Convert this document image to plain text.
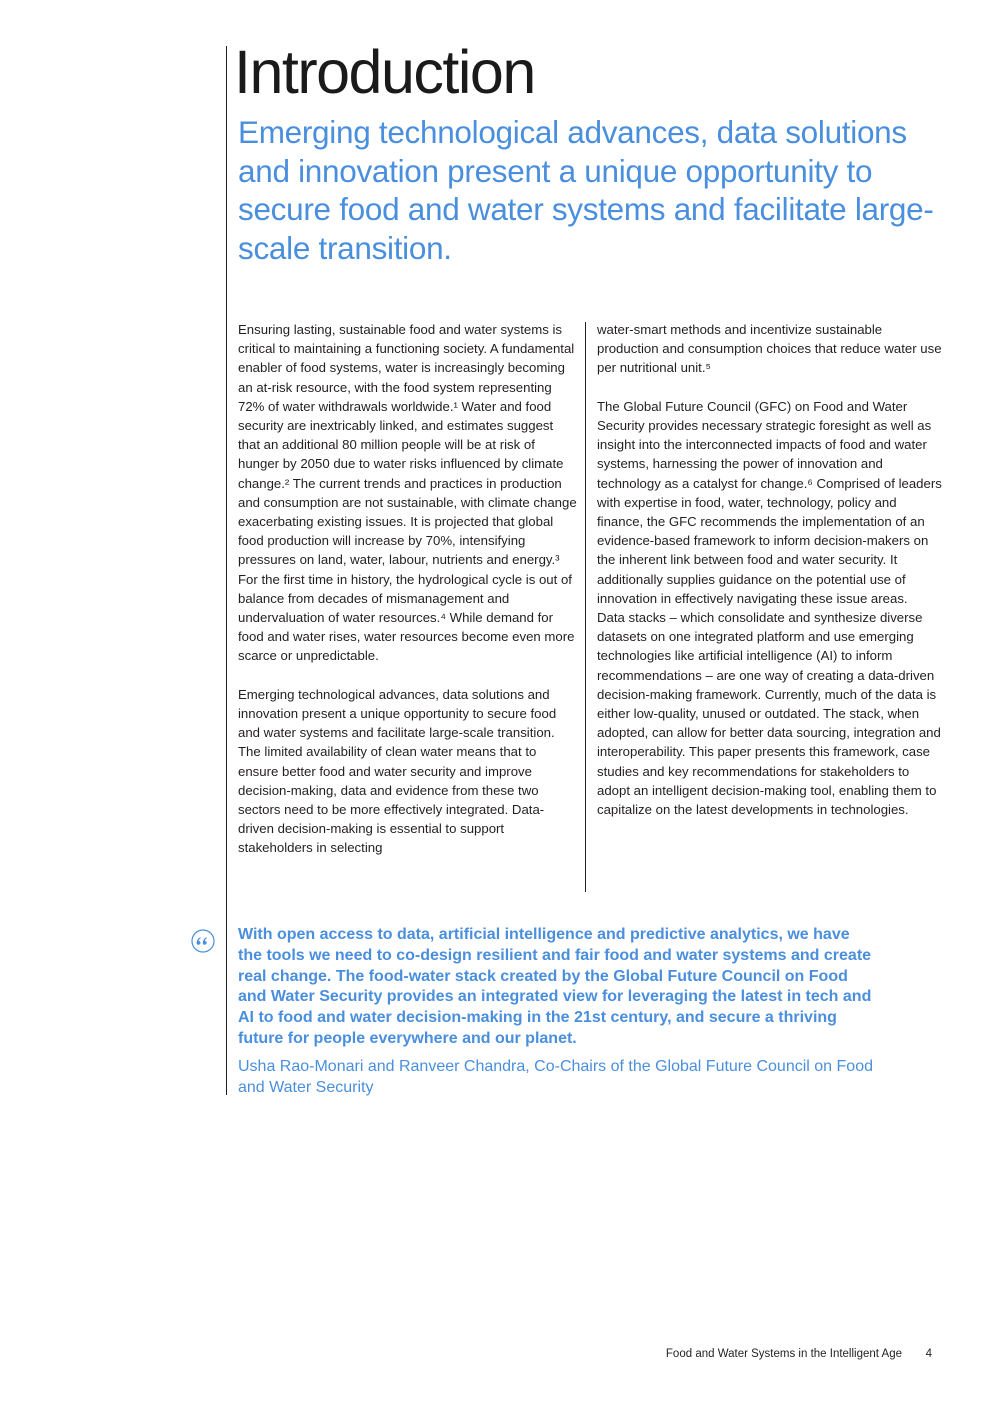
Introduction
Emerging technological advances, data solutions and innovation present a unique opportunity to secure food and water systems and facilitate large-scale transition.

Ensuring lasting, sustainable food and water systems is critical to maintaining a functioning society. A fundamental enabler of food systems, water is increasingly becoming an at-risk resource, with the food system representing 72% of water withdrawals worldwide.¹ Water and food security are inextricably linked, and estimates suggest that an additional 80 million people will be at risk of hunger by 2050 due to water risks influenced by climate change.² The current trends and practices in production and consumption are not sustainable, with climate change exacerbating existing issues. It is projected that global food production will increase by 70%, intensifying pressures on land, water, labour, nutrients and energy.³ For the first time in history, the hydrological cycle is out of balance from decades of mismanagement and undervaluation of water resources.⁴ While demand for food and water rises, water resources become even more scarce or unpredictable.

Emerging technological advances, data solutions and innovation present a unique opportunity to secure food and water systems and facilitate large-scale transition. The limited availability of clean water means that to ensure better food and water security and improve decision-making, data and evidence from these two sectors need to be more effectively integrated. Data-driven decision-making is essential to support stakeholders in selecting

water-smart methods and incentivize sustainable production and consumption choices that reduce water use per nutritional unit.⁵

The Global Future Council (GFC) on Food and Water Security provides necessary strategic foresight as well as insight into the interconnected impacts of food and water systems, harnessing the power of innovation and technology as a catalyst for change.⁶ Comprised of leaders with expertise in food, water, technology, policy and finance, the GFC recommends the implementation of an evidence-based framework to inform decision-makers on the inherent link between food and water security. It additionally supplies guidance on the potential use of innovation in effectively navigating these issue areas.

Data stacks – which consolidate and synthesize diverse datasets on one integrated platform and use emerging technologies like artificial intelligence (AI) to inform recommendations – are one way of creating a data-driven decision-making framework. Currently, much of the data is either low-quality, unused or outdated. The stack, when adopted, can allow for better data sourcing, integration and interoperability. This paper presents this framework, case studies and key recommendations for stakeholders to adopt an intelligent decision-making tool, enabling them to capitalize on the latest developments in technologies.

With open access to data, artificial intelligence and predictive analytics, we have the tools we need to co-design resilient and fair food and water systems and create real change. The food-water stack created by the Global Future Council on Food and Water Security provides an integrated view for leveraging the latest in tech and AI to food and water decision-making in the 21st century, and secure a thriving future for people everywhere and our planet.

Usha Rao-Monari and Ranveer Chandra, Co-Chairs of the Global Future Council on Food and Water Security

Food and Water Systems in the Intelligent Age 4
